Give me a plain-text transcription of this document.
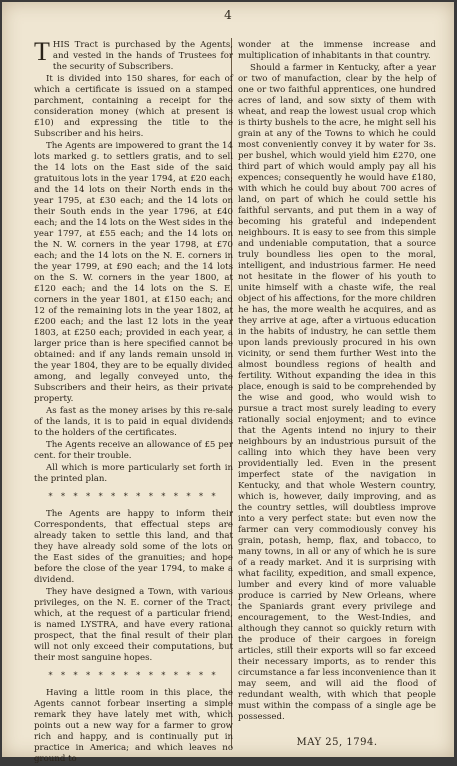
4

THIS Tract is purchased by the Agents, and vested in the hands of Trustees for the security of Subscribers.

It is divided into 150 shares, for each of which a certificate is issued on a stamped parchment, containing a receipt for the consideration money (which at present is £10) and expressing the title to the Subscriber and his heirs.

The Agents are impowered to grant the 14 lots marked g. to settlers gratis, and to sell the 14 lots on the East side of the said gratuitous lots in the year 1794, at £20 each; and the 14 lots on their North ends in the year 1795, at £30 each; and the 14 lots on their South ends in the year 1796, at £40 each; and the 14 lots on the West sides in the year 1797, at £55 each; and the 14 lots on the N. W. corners in the year 1798, at £70 each; and the 14 lots on the N. E. corners in the year 1799, at £90 each; and the 14 lots on the S. W. corners in the year 1800, at £120 each; and the 14 lots on the S. E. corners in the year 1801, at £150 each; and 12 of the remaining lots in the year 1802, at £200 each; and the last 12 lots in the year 1803, at £250 each; provided in each year, a larger price than is here specified cannot be obtained: and if any lands remain unsold in the year 1804, they are to be equally divided among, and legally conveyed unto, the Subscribers and their heirs, as their private property.

As fast as the money arises by this re-sale of the lands, it is to paid in equal dividends to the holders of the certificates.

The Agents receive an allowance of £5 per cent. for their trouble.

All which is more particularly set forth in the printed plan.

* * * * * * * * * * * * * *

The Agents are happy to inform their Correspondents, that effectual steps are already taken to settle this land, and that they have already sold some of the lots on the East sides of the granuities; and hope before the close of the year 1794, to make a dividend.

They have designed a Town, with various privileges, on the N. E. corner of the Tract, which, at the request of a particular friend, is named LYSTRA, and have every rational prospect, that the final result of their plan will not only exceed their computations, but their most sanguine hopes.

* * * * * * * * * * * * * *

Having a little room in this place, the Agents cannot forbear inserting a simple remark they have lately met with, which points out a new way for a farmer to grow rich and happy, and is continually put in practice in America; and which leaves no ground to

wonder at the immense increase and multiplication of inhabitants in that country.

Should a farmer in Kentucky, after a year or two of manufaction, clear by the help of one or two faithful apprentices, one hundred acres of land, and sow sixty of them with wheat, and reap the lowest usual crop which is thirty bushels to the acre, he might sell his grain at any of the Towns to which he could most conveniently convey it by water for 3s. per bushel, which would yield him £270, one third part of which would amply pay all his expences; consequently he would have £180, with which he could buy about 700 acres of land, on part of which he could settle his faithful servants, and put them in a way of becoming his grateful and independent neighbours. It is easy to see from this simple and undeniable computation, that a source truly boundless lies open to the moral, intelligent, and industrious farmer. He need not hesitate in the flower of his youth to unite himself with a chaste wife, the real object of his affections, for the more children he has, the more wealth he acquires, and as they arrive at age, after a virtuous education in the habits of industry, he can settle them upon lands previously procured in his own vicinity, or send them further West into the almost boundless regions of health and fertility. Without expanding the idea in this place, enough is said to be comprehended by the wise and good, who would wish to pursue a tract most surely leading to every rationally social enjoyment; and to evince that the Agents intend no injury to their neighbours by an industrious pursuit of the calling into which they have been very providentially led. Even in the present imperfect state of the navigation in Kentucky, and that whole Western country, which is, however, daily improving, and as the country settles, will doubtless improve into a very perfect state: but even now the farmer can very commodiously convey his grain, potash, hemp, flax, and tobacco, to many towns, in all or any of which he is sure of a ready market. And it is surprising with what facility, expedition, and small expence, lumber and every kind of more valuable produce is carried by New Orleans, where the Spaniards grant every privilege and encouragement, to the West-Indies, and although they cannot so quickly return with the produce of their cargoes in foreign articles, still their exports will so far exceed their necessary imports, as to render this circumstance a far less inconvenience than it may seem, and will aid the flood of redundant wealth, with which that people must within the compass of a single age be possessed.

MAY 25, 1794.
